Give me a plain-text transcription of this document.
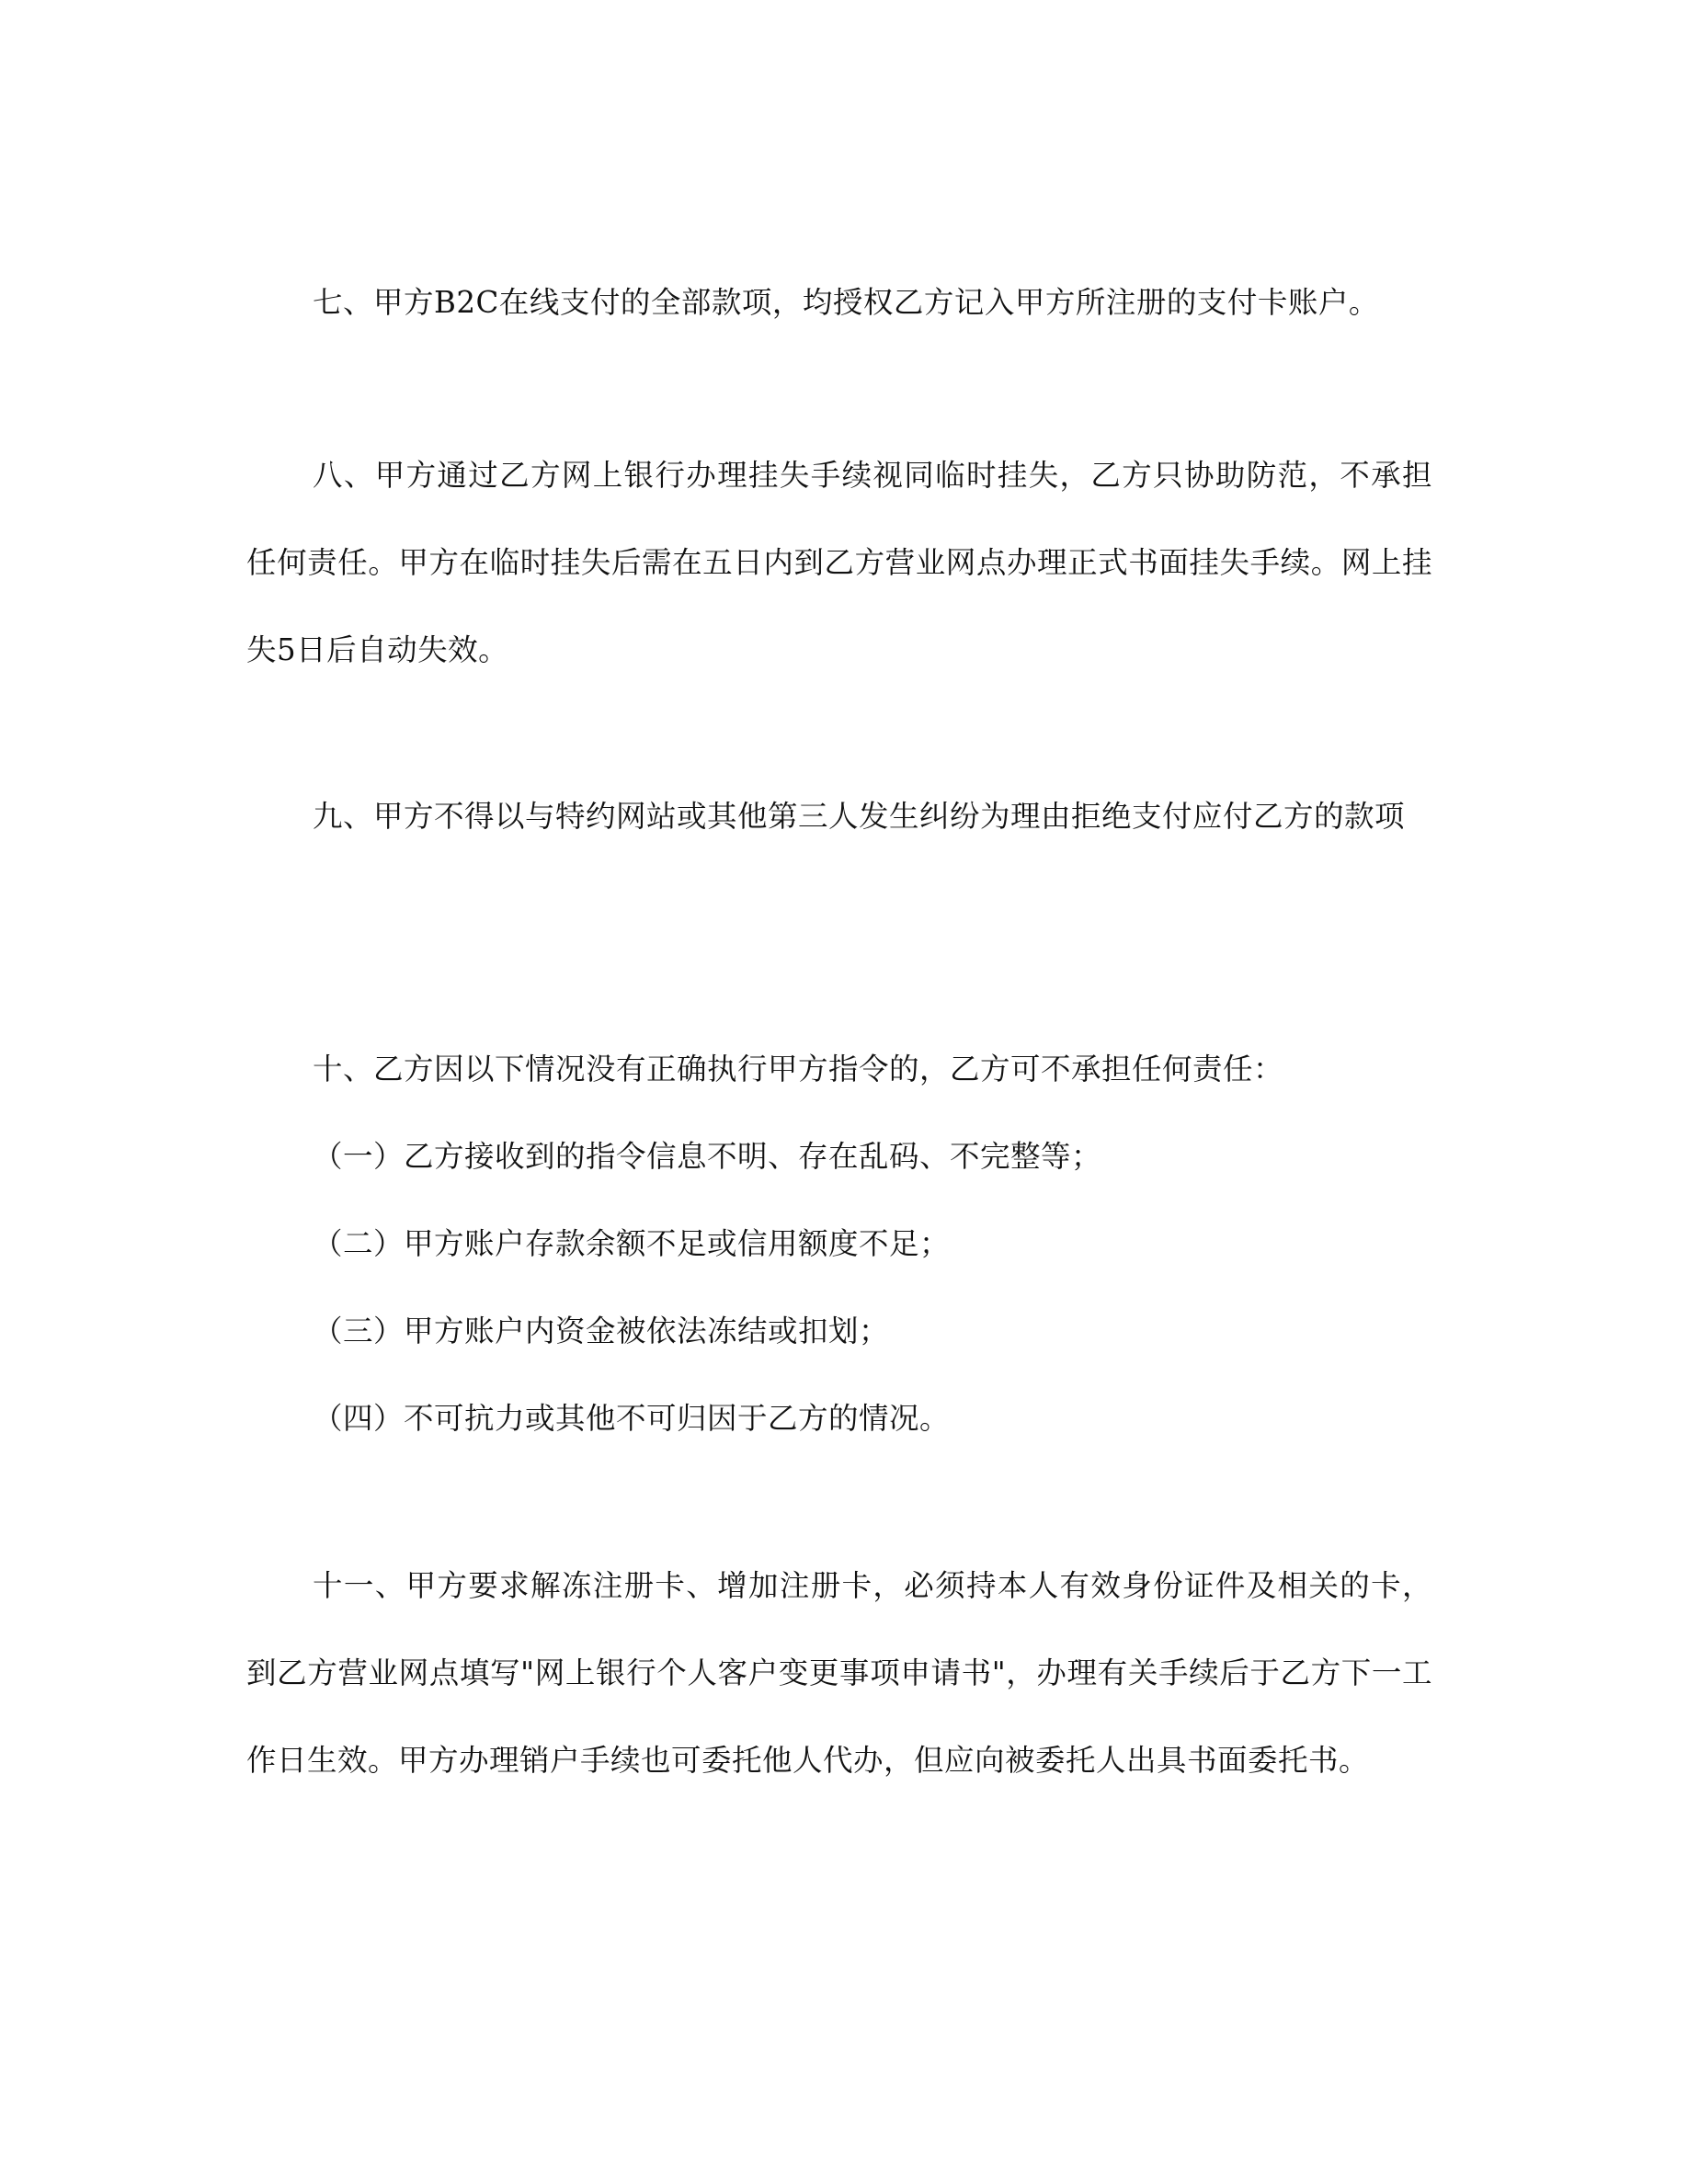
七、甲方B2C在线支付的全部款项，均授权乙方记入甲方所注册的支付卡账户。

八、甲方通过乙方网上银行办理挂失手续视同临时挂失，乙方只协助防范，不承担任何责任。甲方在临时挂失后需在五日内到乙方营业网点办理正式书面挂失手续。网上挂失5日后自动失效。

九、甲方不得以与特约网站或其他第三人发生纠纷为理由拒绝支付应付乙方的款项

十、乙方因以下情况没有正确执行甲方指令的，乙方可不承担任何责任：

（一）乙方接收到的指令信息不明、存在乱码、不完整等；

（二）甲方账户存款余额不足或信用额度不足；

（三）甲方账户内资金被依法冻结或扣划；

（四）不可抗力或其他不可归因于乙方的情况。

十一、甲方要求解冻注册卡、增加注册卡，必须持本人有效身份证件及相关的卡，到乙方营业网点填写"网上银行个人客户变更事项申请书"，办理有关手续后于乙方下一工作日生效。甲方办理销户手续也可委托他人代办，但应向被委托人出具书面委托书。
